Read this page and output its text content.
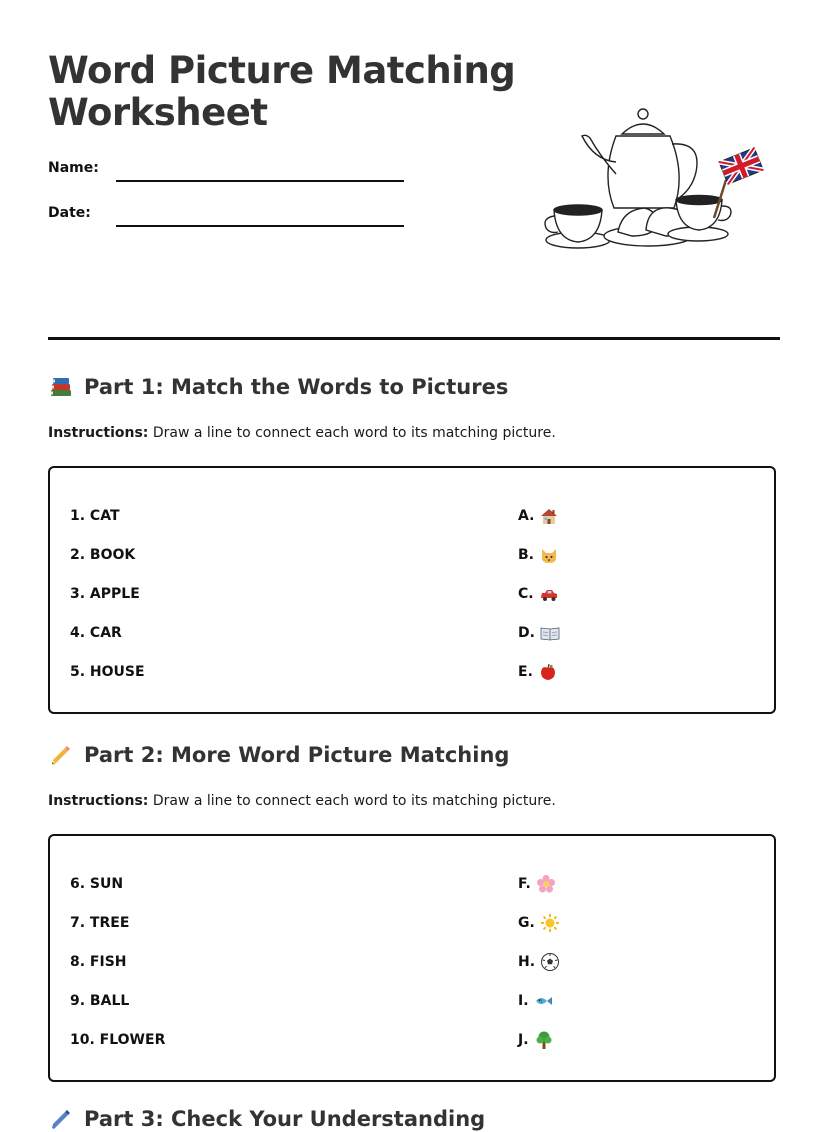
Word Picture Matching Worksheet
Name:
Date:
Part 1: Match the Words to Pictures
Instructions: Draw a line to connect each word to its matching picture.
1. CAT
2. BOOK
3. APPLE
4. CAR
5. HOUSE
A.
B.
C.
D.
E.
Part 2: More Word Picture Matching
Instructions: Draw a line to connect each word to its matching picture.
6. SUN
7. TREE
8. FISH
9. BALL
10. FLOWER
F.
G.
H.
I.
J.
Part 3: Check Your Understanding
